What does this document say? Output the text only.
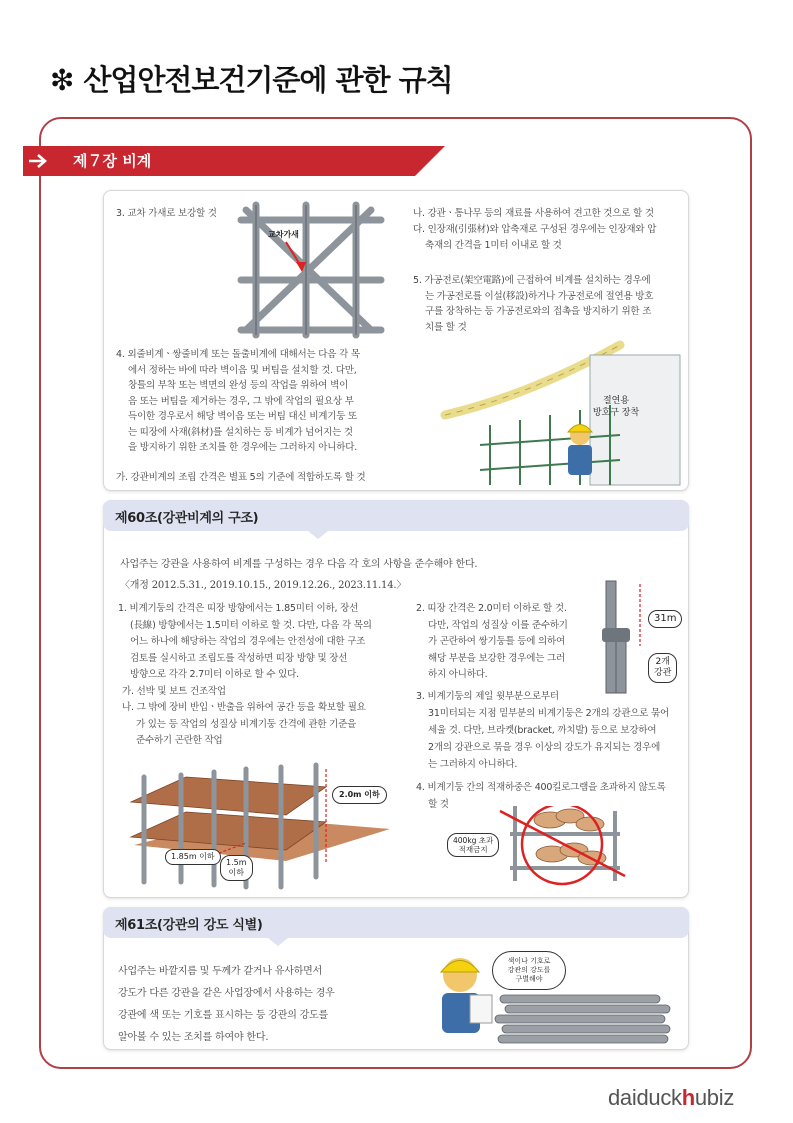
❇ 산업안전보건기준에 관한 규칙
제７장 비계
3. 교차 가새로 보강할 것
교차가새

4. 외줄비계ㆍ쌍줄비계 또는 돌출비계에 대해서는 다음 각 목

에서 정하는 바에 따라 벽이음 및 버팀을 설치할 것. 다만,

창틀의 부착 또는 벽면의 완성 등의 작업을 위하여 벽이

음 또는 버팀을 제거하는 경우, 그 밖에 작업의 필요상 부

득이한 경우로서 해당 벽이음 또는 버팀 대신 비계기둥 또

는 띠장에 사재(斜材)를 설치하는 등 비계가 넘어지는 것

을 방지하기 위한 조치를 한 경우에는 그러하지 아니하다.

가. 강관비계의 조립 간격은 별표 5의 기준에 적합하도록 할 것
나. 강관ㆍ통나무 등의 재료를 사용하여 견고한 것으로 할 것

다. 인장재(引張材)와 압축재로 구성된 경우에는 인장재와 압

축재의 간격을 1미터 이내로 할 것

5. 가공전로(架空電路)에 근접하여 비계를 설치하는 경우에

는 가공전로를 이설(移設)하거나 가공전로에 절연용 방호

구를 장착하는 등 가공전로와의 접촉을 방지하기 위한 조

치를 할 것

절연용
방호구 장착
제60조(강관비계의 구조)

사업주는 강관을 사용하여 비계를 구성하는 경우 다음 각 호의 사항을 준수해야 한다.

〈개정 2012.5.31., 2019.10.15., 2019.12.26., 2023.11.14.〉

1. 비계기둥의 간격은 띠장 방향에서는 1.85미터 이하, 장선

(長線) 방향에서는 1.5미터 이하로 할 것. 다만, 다음 각 목의

어느 하나에 해당하는 작업의 경우에는 안전성에 대한 구조

검토를 실시하고 조립도를 작성하면 띠장 방향 및 장선

방향으로 각각 2.7미터 이하로 할 수 있다.

가. 선박 및 보트 건조작업

나. 그 밖에 장비 반입ㆍ반출을 위하여 공간 등을 확보할 필요

가 있는 등 작업의 성질상 비계기둥 간격에 관한 기준을

준수하기 곤란한 작업

2.0m 이하
1.85m 이하
1.5m
이하

2. 띠장 간격은 2.0미터 이하로 할 것.

다만, 작업의 성질상 이를 준수하기

가 곤란하여 쌍기둥틀 등에 의하여

해당 부분을 보강한 경우에는 그러

하지 아니하다.

31m
2개
강관

3. 비계기둥의 제일 윗부분으로부터

31미터되는 지점 밑부분의 비계기둥은 2개의 강관으로 묶어

세울 것. 다만, 브라켓(bracket, 까치발) 등으로 보강하여

2개의 강관으로 묶을 경우 이상의 강도가 유지되는 경우에

는 그러하지 아니하다.

4. 비계기둥 간의 적재하중은 400킬로그램을 초과하지 않도록

할 것

400kg 초과
적재금지
제61조(강관의 강도 식별)

사업주는 바깥지름 및 두께가 같거나 유사하면서

강도가 다른 강관을 같은 사업장에서 사용하는 경우

강관에 색 또는 기호를 표시하는 등 강관의 강도를

알아볼 수 있는 조치를 하여야 한다.

색이나 기호로
강관의 강도를
구별해야
daiduckhubiz
